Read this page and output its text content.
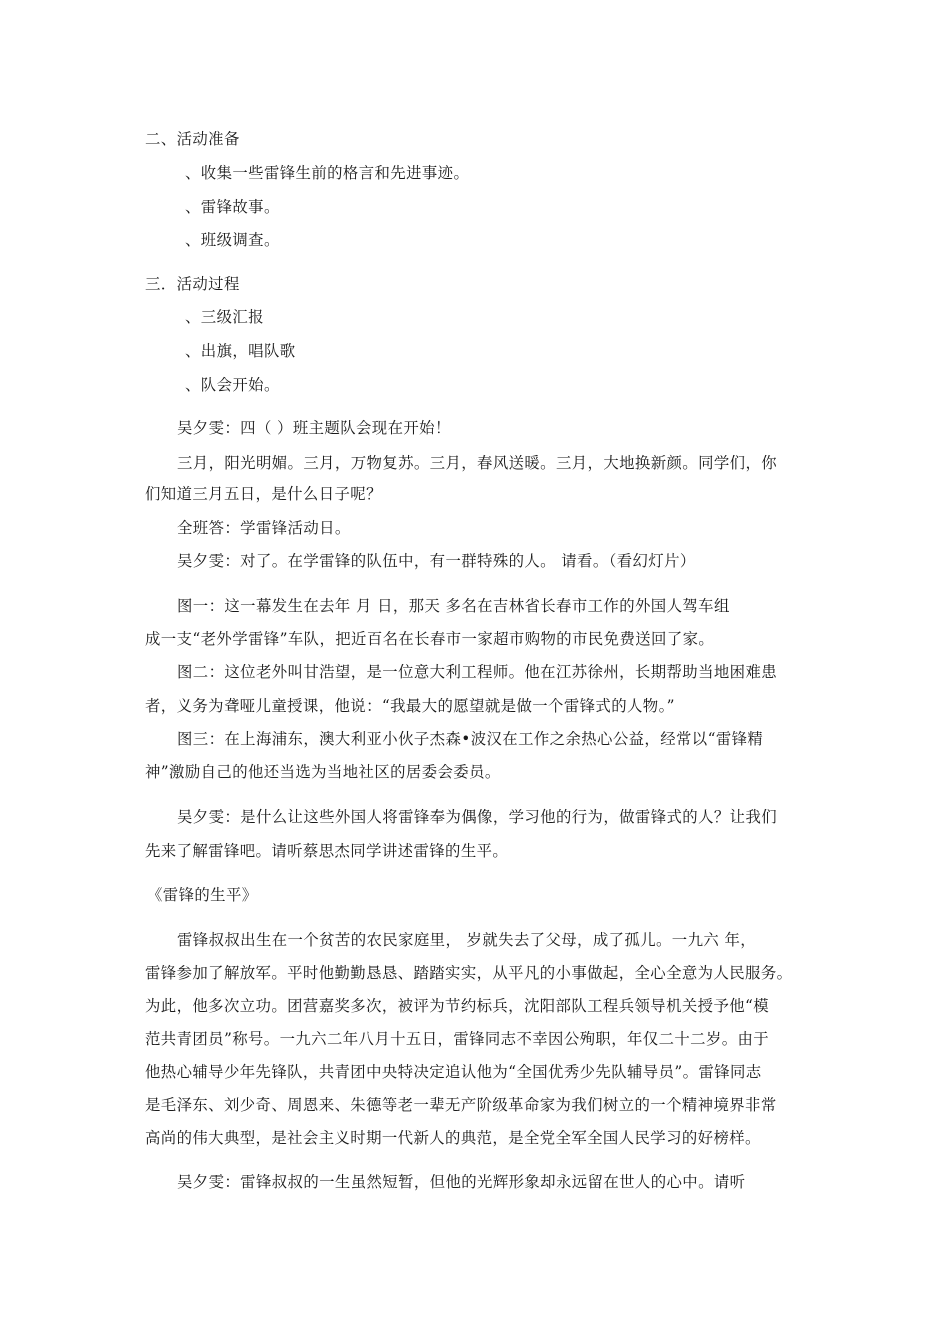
二、活动准备

、收集一些雷锋生前的格言和先进事迹。

、雷锋故事。

、班级调查。

三．活动过程

、三级汇报

、出旗，唱队歌

、队会开始。

吴夕雯：四（ ）班主题队会现在开始！

三月，阳光明媚。三月，万物复苏。三月，春风送暖。三月，大地换新颜。同学们，你

们知道三月五日，是什么日子呢？

全班答：学雷锋活动日。

吴夕雯：对了。在学雷锋的队伍中，有一群特殊的人。 请看。（看幻灯片）

图一：这一幕发生在去年 月 日，那天 多名在吉林省长春市工作的外国人驾车组

成一支“老外学雷锋”车队，把近百名在长春市一家超市购物的市民免费送回了家。

图二：这位老外叫甘浩望，是一位意大利工程师。他在江苏徐州，长期帮助当地困难患

者，义务为聋哑儿童授课，他说：“我最大的愿望就是做一个雷锋式的人物。”

图三：在上海浦东，澳大利亚小伙子杰森•波汉在工作之余热心公益，经常以“雷锋精

神”激励自己的他还当选为当地社区的居委会委员。

吴夕雯：是什么让这些外国人将雷锋奉为偶像，学习他的行为，做雷锋式的人？让我们

先来了解雷锋吧。请听蔡思杰同学讲述雷锋的生平。

《雷锋的生平》

雷锋叔叔出生在一个贫苦的农民家庭里， 岁就失去了父母，成了孤儿。一九六 年，

雷锋参加了解放军。平时他勤勤恳恳、踏踏实实，从平凡的小事做起，全心全意为人民服务。

为此，他多次立功。团营嘉奖多次，被评为节约标兵，沈阳部队工程兵领导机关授予他“模

范共青团员”称号。一九六二年八月十五日，雷锋同志不幸因公殉职，年仅二十二岁。由于

他热心辅导少年先锋队，共青团中央特决定追认他为“全国优秀少先队辅导员”。雷锋同志

是毛泽东、刘少奇、周恩来、朱德等老一辈无产阶级革命家为我们树立的一个精神境界非常

高尚的伟大典型，是社会主义时期一代新人的典范，是全党全军全国人民学习的好榜样。

吴夕雯：雷锋叔叔的一生虽然短暂，但他的光辉形象却永远留在世人的心中。请听
